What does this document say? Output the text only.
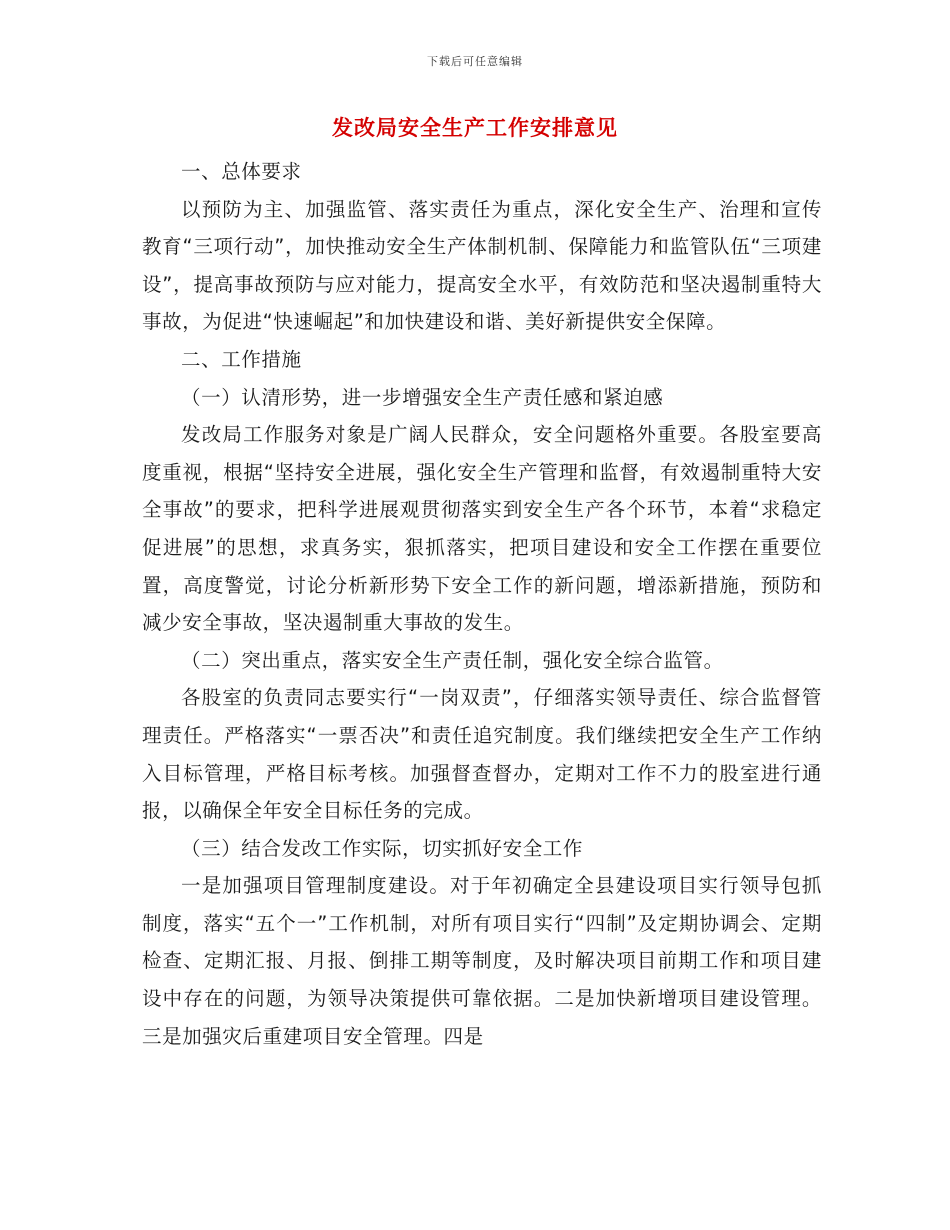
下载后可任意编辑
发改局安全生产工作安排意见

一、总体要求

以预防为主、加强监管、落实责任为重点，深化安全生产、治理和宣传教育“三项行动”，加快推动安全生产体制机制、保障能力和监管队伍“三项建设”，提高事故预防与应对能力，提高安全水平，有效防范和坚决遏制重特大事故，为促进“快速崛起”和加快建设和谐、美好新提供安全保障。

二、工作措施

（一）认清形势，进一步增强安全生产责任感和紧迫感

发改局工作服务对象是广阔人民群众，安全问题格外重要。各股室要高度重视，根据“坚持安全进展，强化安全生产管理和监督，有效遏制重特大安全事故”的要求，把科学进展观贯彻落实到安全生产各个环节，本着“求稳定促进展”的思想，求真务实，狠抓落实，把项目建设和安全工作摆在重要位置，高度警觉，讨论分析新形势下安全工作的新问题，增添新措施，预防和减少安全事故，坚决遏制重大事故的发生。

（二）突出重点，落实安全生产责任制，强化安全综合监管。

各股室的负责同志要实行“一岗双责”，仔细落实领导责任、综合监督管理责任。严格落实“一票否决”和责任追究制度。我们继续把安全生产工作纳入目标管理，严格目标考核。加强督查督办，定期对工作不力的股室进行通报，以确保全年安全目标任务的完成。

（三）结合发改工作实际，切实抓好安全工作

一是加强项目管理制度建设。对于年初确定全县建设项目实行领导包抓制度，落实“五个一”工作机制，对所有项目实行“四制”及定期协调会、定期检查、定期汇报、月报、倒排工期等制度，及时解决项目前期工作和项目建设中存在的问题，为领导决策提供可靠依据。二是加快新增项目建设管理。三是加强灾后重建项目安全管理。四是
